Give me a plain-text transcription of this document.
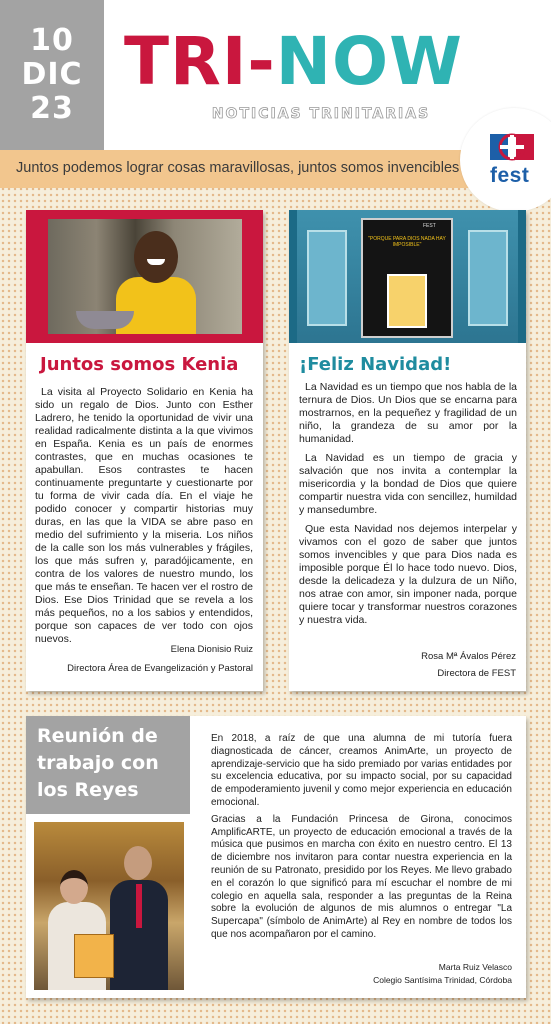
10
DIC
23
TRI-NOW
NOTICIAS TRINITARIAS
Juntos podemos lograr cosas maravillosas, juntos somos invencibles fest
Juntos somos Kenia

La visita al Proyecto Solidario en Kenia ha sido un regalo de Dios. Junto con Esther Ladrero, he tenido la oportunidad de vivir una realidad radicalmente distinta a la que vivimos en España. Kenia es un país de enormes contrastes, que en muchas ocasiones te apabullan. Esos contrastes te hacen continuamente preguntarte y cuestionarte por tu forma de vivir cada día. En el viaje he podido conocer y compartir historias muy duras, en las que la VIDA se abre paso en medio del sufrimiento y la miseria. Los niños de la calle son los más vulnerables y frágiles, los que más sufren y, paradójicamente, en contra de los valores de nuestro mundo, los que más te enseñan. Te hacen ver el rostro de Dios. Ese Dios Trinidad que se revela a los más pequeños, no a los sabios y entendidos, porque son capaces de ver todo con ojos nuevos.

Elena Dionisio Ruiz
Directora Área de Evangelización y Pastoral
FEST
"PORQUE PARA DIOS NADA HAY IMPOSIBLE"
¡Feliz Navidad!

La Navidad es un tiempo que nos habla de la ternura de Dios. Un Dios que se encarna para mostrarnos, en la pequeñez y fragilidad de un niño, la grandeza de su amor por la humanidad.

La Navidad es un tiempo de gracia y salvación que nos invita a contemplar la misericordia y la bondad de Dios que quiere compartir nuestra vida con sencillez, humildad y mansedumbre.

Que esta Navidad nos dejemos interpelar y vivamos con el gozo de saber que juntos somos invencibles y que para Dios nada es imposible porque Él lo hace todo nuevo. Dios, desde la delicadeza y la dulzura de un Niño, nos atrae con amor, sin imponer nada, porque quiere tocar y transformar nuestros corazones y nuestra vida.

Rosa Mª Ávalos Pérez
Directora de FEST
Reunión de trabajo con los Reyes

En 2018, a raíz de que una alumna de mi tutoría fuera diagnosticada de cáncer, creamos AnimArte, un proyecto de aprendizaje-servicio que ha sido premiado por varias entidades por su excelencia educativa, por su impacto social, por su capacidad de empoderamiento juvenil y como mejor experiencia en educación emocional.

Gracias a la Fundación Princesa de Girona, conocimos AmplificARTE, un proyecto de educación emocional a través de la música que pusimos en marcha con éxito en nuestro centro. El 13 de diciembre nos invitaron para contar nuestra experiencia en la reunión de su Patronato, presidido por los Reyes. Me llevo grabado en el corazón lo que significó para mí escuchar el nombre de mi colegio en aquella sala, responder a las preguntas de la Reina sobre la evolución de algunos de mis alumnos o entregar "La Supercapa" (símbolo de AnimArte) al Rey en nombre de todos los que nos acompañaron por el camino.

Marta Ruiz Velasco
Colegio Santísima Trinidad, Córdoba
